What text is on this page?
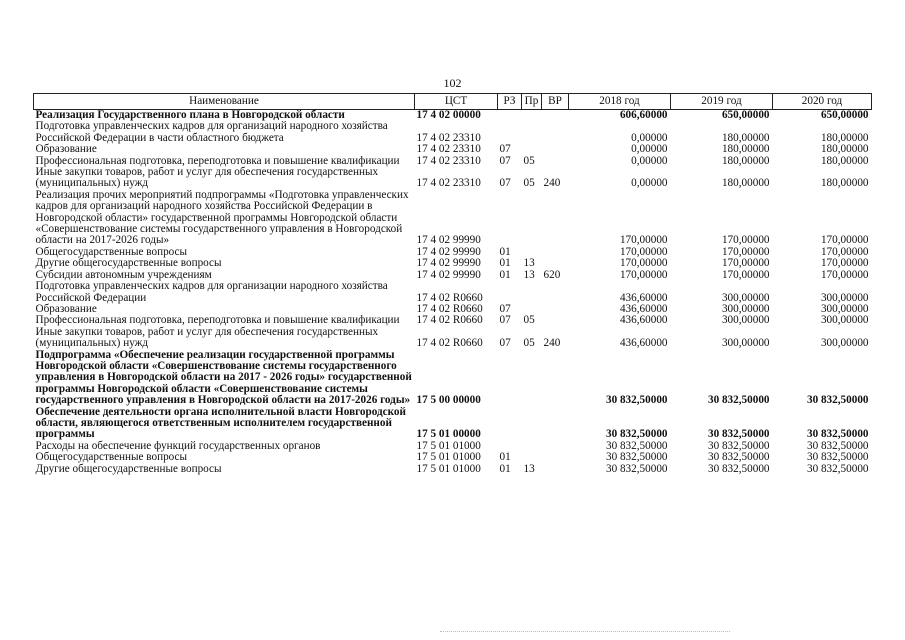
102
Наименование	ЦСТ	РЗ	Пр	ВР	2018 год	2019 год	2020 год
Реализация Государственного плана в Новгородской области	17 4 02 00000				606,60000	650,00000	650,00000
Подготовка управленческих кадров для организаций народного хозяйства Российской Федерации в части областного бюджета	17 4 02 23310				0,00000	180,00000	180,00000
Образование	17 4 02 23310	07			0,00000	180,00000	180,00000
Профессиональная подготовка, переподготовка и повышение квалификации	17 4 02 23310	07	05		0,00000	180,00000	180,00000
Иные закупки товаров, работ и услуг для обеспечения государственных (муниципальных) нужд	17 4 02 23310	07	05	240	0,00000	180,00000	180,00000
Реализация прочих мероприятий подпрограммы «Подготовка управленческих кадров для организаций народного хозяйства Российской Федерации в Новгородской области» государственной программы Новгородской области «Совершенствование системы государственного управления в Новгородской области на 2017-2026 годы»	17 4 02 99990				170,00000	170,00000	170,00000
Общегосударственные вопросы	17 4 02 99990	01			170,00000	170,00000	170,00000
Другие общегосударственные вопросы	17 4 02 99990	01	13		170,00000	170,00000	170,00000
Субсидии автономным учреждениям	17 4 02 99990	01	13	620	170,00000	170,00000	170,00000
Подготовка управленческих кадров для организации народного хозяйства Российской Федерации	17 4 02 R0660				436,60000	300,00000	300,00000
Образование	17 4 02 R0660	07			436,60000	300,00000	300,00000
Профессиональная подготовка, переподготовка и повышение квалификации	17 4 02 R0660	07	05		436,60000	300,00000	300,00000
Иные закупки товаров, работ и услуг для обеспечения государственных (муниципальных) нужд	17 4 02 R0660	07	05	240	436,60000	300,00000	300,00000
Подпрограмма «Обеспечение реализации государственной программы Новгородской области «Совершенствование системы государственного управления в Новгородской области на 2017 - 2026 годы» государственной программы Новгородской области «Совершенствование системы государственного управления в Новгородской области на 2017-2026 годы»	17 5 00 00000				30 832,50000	30 832,50000	30 832,50000
Обеспечение деятельности органа исполнительной власти Новгородской области, являющегося ответственным исполнителем государственной программы	17 5 01 00000				30 832,50000	30 832,50000	30 832,50000
Расходы на обеспечение функций государственных органов	17 5 01 01000				30 832,50000	30 832,50000	30 832,50000
Общегосударственные вопросы	17 5 01 01000	01			30 832,50000	30 832,50000	30 832,50000
Другие общегосударственные вопросы	17 5 01 01000	01	13		30 832,50000	30 832,50000	30 832,50000
